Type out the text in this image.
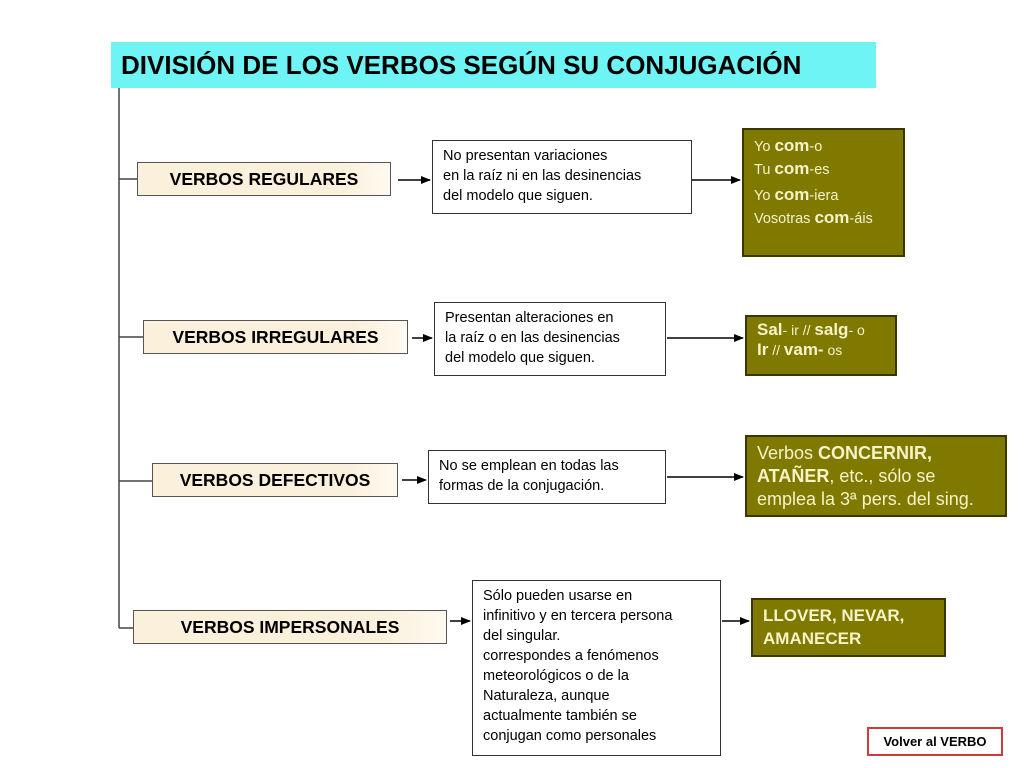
DIVISIÓN DE LOS VERBOS SEGÚN SU CONJUGACIÓN
VERBOS REGULARES
No presentan variaciones
en la raíz ni en las desinencias
del modelo que siguen.
Yo com-o
Tu com-es
Yo com-iera
Vosotras com-áis
VERBOS IRREGULARES
Presentan alteraciones en
la raíz o en las desinencias
del modelo que siguen.
Sal- ir // salg- o
Ir // vam- os
VERBOS DEFECTIVOS
No se emplean en todas las
formas de la conjugación.
Verbos CONCERNIR,
ATAÑER, etc., sólo se
emplea la 3ª pers. del sing.
VERBOS IMPERSONALES
Sólo pueden usarse en
infinitivo y en tercera persona
del singular.
correspondes a fenómenos
meteorológicos o de la
Naturaleza, aunque
actualmente también se
conjugan como personales
LLOVER, NEVAR,
AMANECER
Volver al VERBO
